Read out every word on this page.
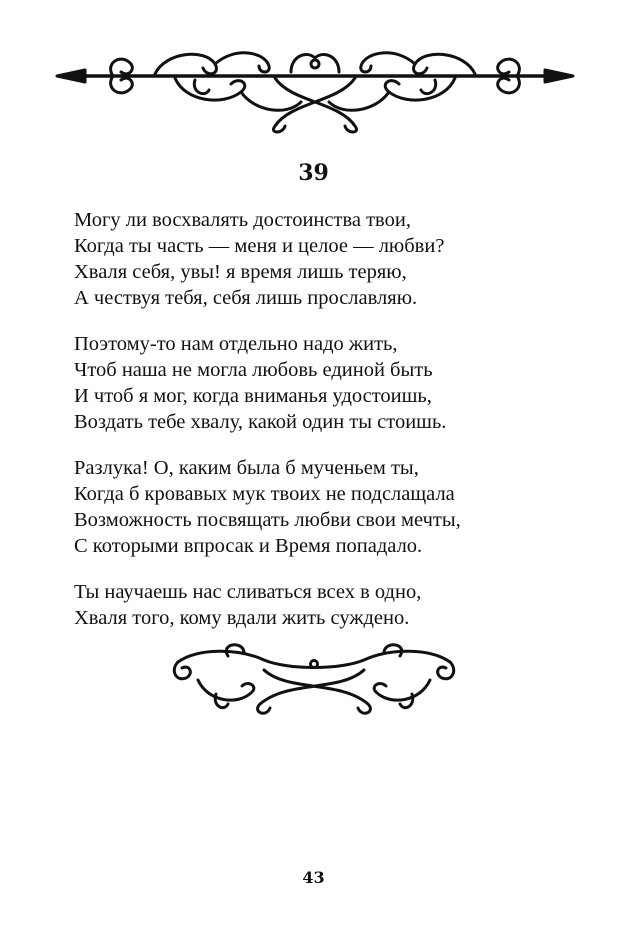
39
Могу ли восхвалять достоинства твои,
Когда ты часть — меня и целое — любви?
Хваля себя, увы! я время лишь теряю,
А чествуя тебя, себя лишь прославляю.
Поэтому-то нам отдельно надо жить,
Чтоб наша не могла любовь единой быть
И чтоб я мог, когда вниманья удостоишь,
Воздать тебе хвалу, какой один ты стоишь.
Разлука! О, каким была б мученьем ты,
Когда б кровавых мук твоих не подслащала
Возможность посвящать любви свои мечты,
С которыми впросак и Время попадало.
Ты научаешь нас сливаться всех в одно,
Хваля того, кому вдали жить суждено.
43
